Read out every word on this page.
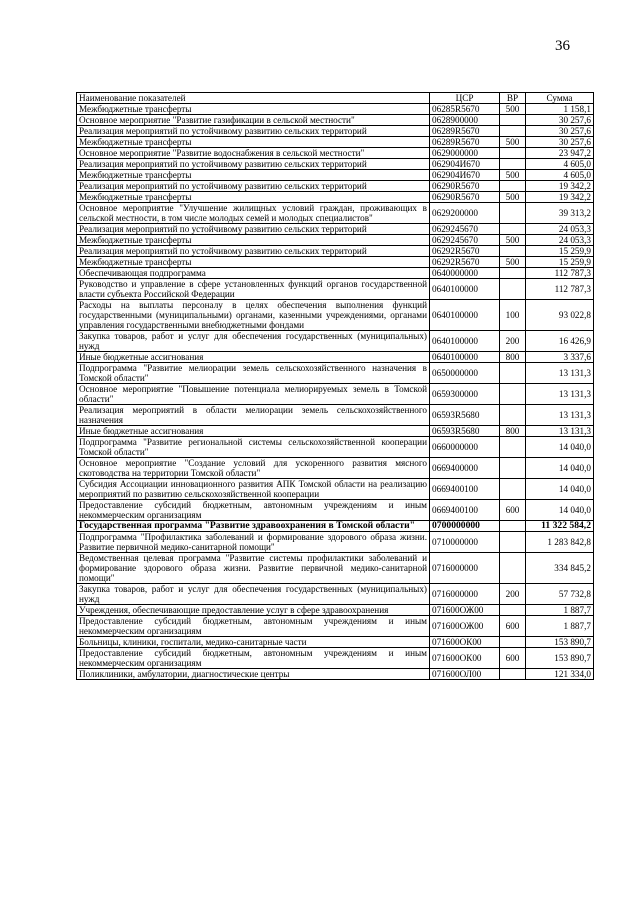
36
Наименование показателей	ЦСР	ВР	Сумма
Межбюджетные трансферты	06285R5670	500	1 158,1
Основное мероприятие "Развитие газификации в сельской местности"	0628900000		30 257,6
Реализация мероприятий по устойчивому развитию сельских территорий	06289R5670		30 257,6
Межбюджетные трансферты	06289R5670	500	30 257,6
Основное мероприятие "Развитие водоснабжения в сельской местности"	0629000000		23 947,2
Реализация мероприятий по устойчивому развитию сельских территорий	062904И670		4 605,0
Межбюджетные трансферты	062904И670	500	4 605,0
Реализация мероприятий по устойчивому развитию сельских территорий	06290R5670		19 342,2
Межбюджетные трансферты	06290R5670	500	19 342,2
Основное мероприятие "Улучшение жилищных условий граждан, проживающих в сельской местности, в том числе молодых семей и молодых специалистов"	0629200000		39 313,2
Реализация мероприятий по устойчивому развитию сельских территорий	0629245670		24 053,3
Межбюджетные трансферты	0629245670	500	24 053,3
Реализация мероприятий по устойчивому развитию сельских территорий	06292R5670		15 259,9
Межбюджетные трансферты	06292R5670	500	15 259,9
Обеспечивающая подпрограмма	0640000000		112 787,3
Руководство и управление в сфере установленных функций органов государственной власти субъекта Российской Федерации	0640100000		112 787,3
Расходы на выплаты персоналу в целях обеспечения выполнения функций государственными (муниципальными) органами, казенными учреждениями, органами управления государственными внебюджетными фондами	0640100000	100	93 022,8
Закупка товаров, работ и услуг для обеспечения государственных (муниципальных) нужд	0640100000	200	16 426,9
Иные бюджетные ассигнования	0640100000	800	3 337,6
Подпрограмма "Развитие мелиорации земель сельскохозяйственного назначения в Томской области"	0650000000		13 131,3
Основное мероприятие "Повышение потенциала мелиорируемых земель в Томской области"	0659300000		13 131,3
Реализация мероприятий в области мелиорации земель сельскохозяйственного назначения	06593R5680		13 131,3
Иные бюджетные ассигнования	06593R5680	800	13 131,3
Подпрограмма "Развитие региональной системы сельскохозяйственной кооперации Томской области"	0660000000		14 040,0
Основное мероприятие "Создание условий для ускоренного развития мясного скотоводства на территории Томской области"	0669400000		14 040,0
Субсидия Ассоциации инновационного развития АПК Томской области на реализацию мероприятий по развитию сельскохозяйственной кооперации	0669400100		14 040,0
Предоставление субсидий бюджетным, автономным учреждениям и иным некоммерческим организациям	0669400100	600	14 040,0
Государственная программа "Развитие здравоохранения в Томской области"	0700000000		11 322 584,2
Подпрограмма "Профилактика заболеваний и формирование здорового образа жизни. Развитие первичной медико-санитарной помощи"	0710000000		1 283 842,8
Ведомственная целевая программа "Развитие системы профилактики заболеваний и формирование здорового образа жизни. Развитие первичной медико-санитарной помощи"	0716000000		334 845,2
Закупка товаров, работ и услуг для обеспечения государственных (муниципальных) нужд	0716000000	200	57 732,8
Учреждения, обеспечивающие предоставление услуг в сфере здравоохранения	071600ОЖ00		1 887,7
Предоставление субсидий бюджетным, автономным учреждениям и иным некоммерческим организациям	071600ОЖ00	600	1 887,7
Больницы, клиники, госпитали, медико-санитарные части	071600ОК00		153 890,7
Предоставление субсидий бюджетным, автономным учреждениям и иным некоммерческим организациям	071600ОК00	600	153 890,7
Поликлиники, амбулатории, диагностические центры	071600ОЛ00		121 334,0
